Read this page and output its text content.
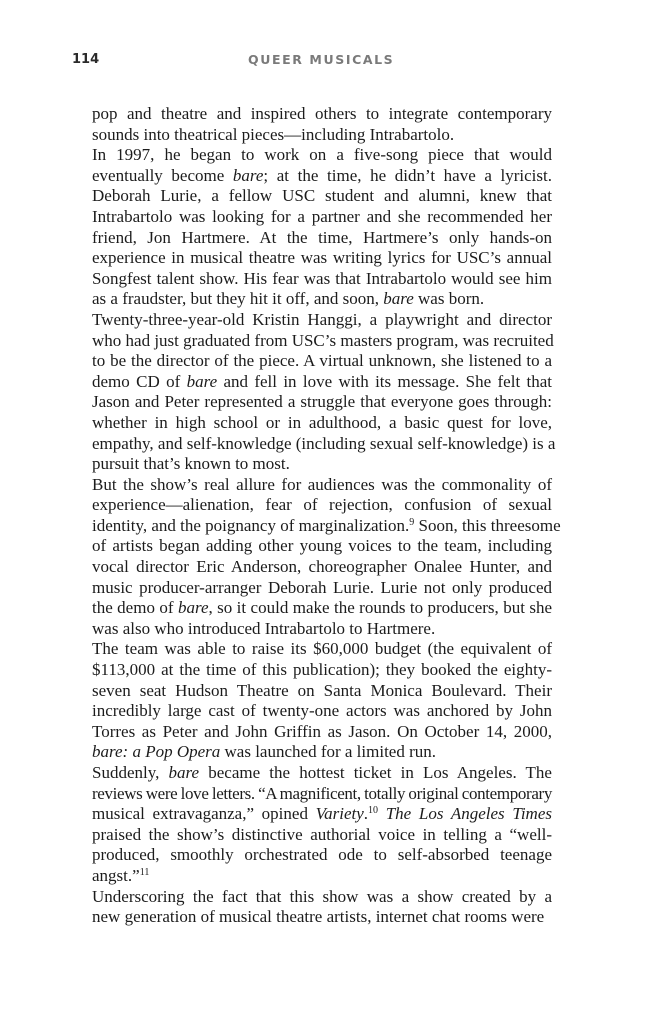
114	QUEER MUSICALS
pop and theatre and inspired others to integrate contemporary
sounds into theatrical pieces—including Intrabartolo.
In 1997, he began to work on a five-song piece that would
eventually become bare; at the time, he didn’t have a lyricist.
Deborah Lurie, a fellow USC student and alumni, knew that
Intrabartolo was looking for a partner and she recommended her
friend, Jon Hartmere. At the time, Hartmere’s only hands-on
experience in musical theatre was writing lyrics for USC’s annual
Songfest talent show. His fear was that Intrabartolo would see him
as a fraudster, but they hit it off, and soon, bare was born.
Twenty-three-year-old Kristin Hanggi, a playwright and director
who had just graduated from USC’s masters program, was recruited
to be the director of the piece. A virtual unknown, she listened to a
demo CD of bare and fell in love with its message. She felt that
Jason and Peter represented a struggle that everyone goes through:
whether in high school or in adulthood, a basic quest for love,
empathy, and self-knowledge (including sexual self-knowledge) is a
pursuit that’s known to most.
But the show’s real allure for audiences was the commonality of
experience—alienation, fear of rejection, confusion of sexual
identity, and the poignancy of marginalization.$^9$ Soon, this threesome
of artists began adding other young voices to the team, including
vocal director Eric Anderson, choreographer Onalee Hunter, and
music producer-arranger Deborah Lurie. Lurie not only produced
the demo of bare, so it could make the rounds to producers, but she
was also who introduced Intrabartolo to Hartmere.
The team was able to raise its $60,000 budget (the equivalent of
$113,000 at the time of this publication); they booked the eighty-
seven seat Hudson Theatre on Santa Monica Boulevard. Their
incredibly large cast of twenty-one actors was anchored by John
Torres as Peter and John Griffin as Jason. On October 14, 2000,
bare: a Pop Opera was launched for a limited run.
Suddenly, bare became the hottest ticket in Los Angeles. The
reviews were love letters. “A magnificent, totally original contemporary
musical extravaganza,” opined Variety.$^{10}$ The Los Angeles Times
praised the show’s distinctive authorial voice in telling a “well-
produced, smoothly orchestrated ode to self-absorbed teenage
angst.”$^{11}$
Underscoring the fact that this show was a show created by a
new generation of musical theatre artists, internet chat rooms were
